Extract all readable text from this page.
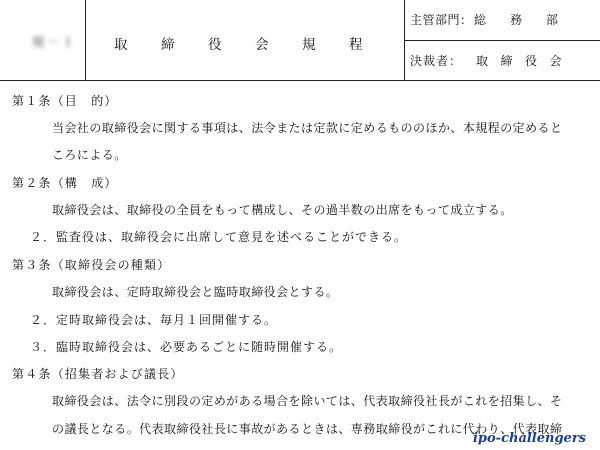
規－１	取締役会規程
主管部門： 総務部
決裁者： 取締役会
第１条（目　的）
当会社の取締役会に関する事項は、法令または定款に定めるもののほか、本規程の定めると
ころによる。
第２条（構　成）
取締役会は、取締役の全員をもって構成し、その過半数の出席をもって成立する。
２．監査役は、取締役会に出席して意見を述べることができる。
第３条（取締役会の種類）
取締役会は、定時取締役会と臨時取締役会とする。
２．定時取締役会は、毎月１回開催する。
３．臨時取締役会は、必要あるごとに随時開催する。
第４条（招集者および議長）
取締役会は、法令に別段の定めがある場合を除いては、代表取締役社長がこれを招集し、そ
の議長となる。代表取締役社長に事故があるときは、専務取締役がこれに代わり、代表取締
ipo-challengers
